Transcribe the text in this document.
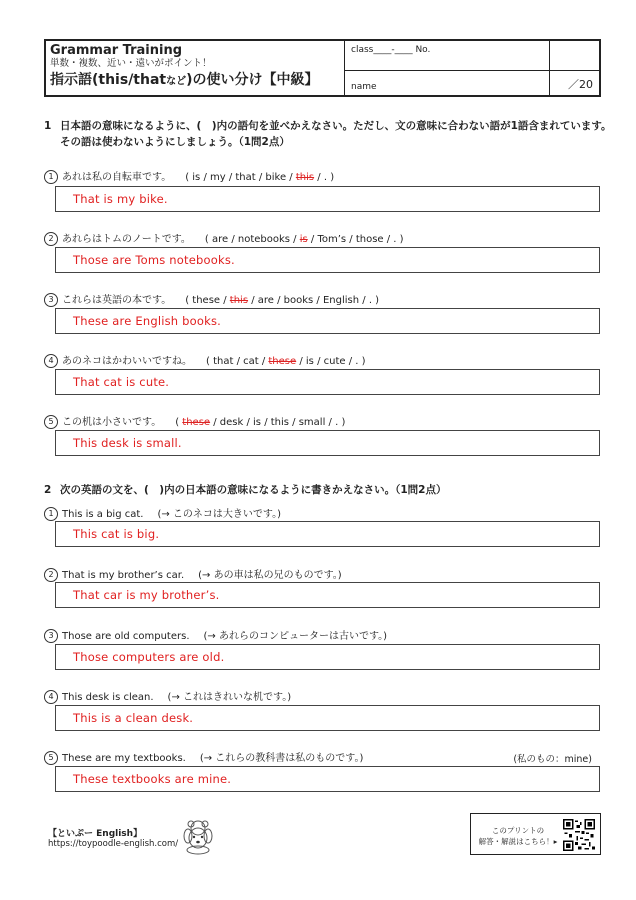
Grammar Training
単数・複数、近い・遠いがポイント！
指示語(this/thatなど)の使い分け【中級】
class____-____ No.
name	／20
1 日本語の意味になるように、(　)内の語句を並べかえなさい。ただし、文の意味に合わない語が1語含まれています。
その語は使わないようにしましょう。（1問2点）
1 あれは私の自転車です。 ( is / my / that / bike / this / . )
That is my bike.
2 あれらはトムのノートです。 ( are / notebooks / is / Tom’s / those / . )
Those are Toms notebooks.
3 これらは英語の本です。 ( these / this / are / books / English / . )
These are English books.
4 あのネコはかわいいですね。 ( that / cat / these / is / cute / . )
That cat is cute.
5 この机は小さいです。 ( these / desk / is / this / small / . )
This desk is small.
2 次の英語の文を、(　)内の日本語の意味になるように書きかえなさい。（1問2点）
1 This is a big cat. (→ このネコは大きいです。)
This cat is big.
2 That is my brother’s car. (→ あの車は私の兄のものです。)
That car is my brother’s.
3 Those are old computers. (→ あれらのコンピューターは古いです。)
Those computers are old.
4 This desk is clean. (→ これはきれいな机です。)
This is a clean desk.
5 These are my textbooks. (→ これらの教科書は私のものです。)	(私のもの：mine)
These textbooks are mine.
【といぷー English】
https://toypoodle-english.com/
このプリントの
解答・解説はこちら！▸
